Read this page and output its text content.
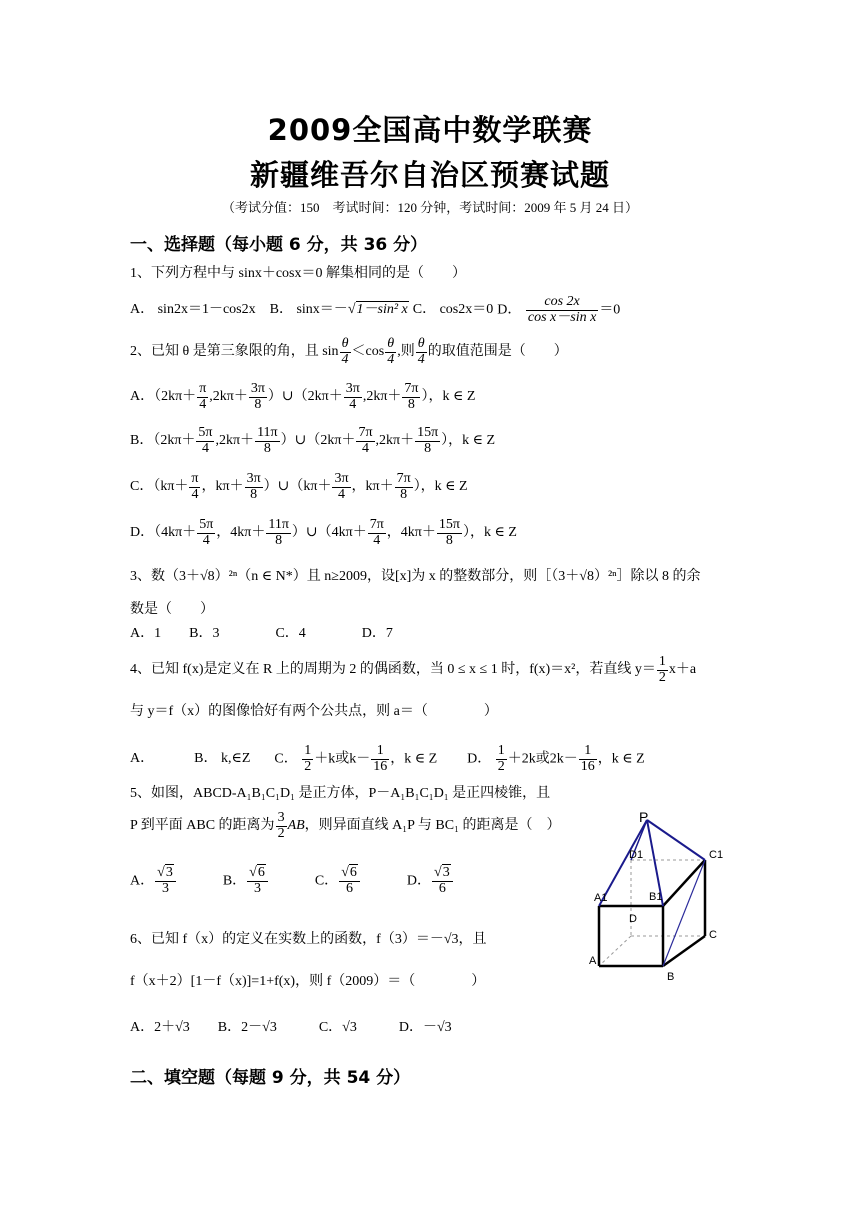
2009全国高中数学联赛
新疆维吾尔自治区预赛试题
（考试分值：150　考试时间：120 分钟，考试时间：2009 年 5 月 24 日）
一、选择题（每小题 6 分，共 36 分）
1、下列方程中与 sinx＋cosx＝0 解集相同的是（　　）
A． sin2x＝1－cos2x B． sinx＝－√1－sin² x C． cos2x＝0 D． $\frac{\cos 2x}{\text{cos x－sin x}} =0$
2、已知 θ 是第三象限的角，且 $\sin \frac{\theta}{4} <\cos \frac{\theta}{4}$ ,则 $\frac{\theta}{4}$ 的取值范围是（　　）
A．（$2k\pi+ \frac{\pi}{4} ,2k\pi+ \frac{3\pi}{8}$ ）∪（2kπ＋ $\frac{3\pi}{4} ,2k\pi+ \frac{7\pi}{8}$ ），k ∈ Z
B．（$2k\pi+ \frac{5\pi}{4} ,2k\pi+ \frac{11\pi}{8}$ ）∪（2kπ＋ $\frac{7\pi}{4} ,2k\pi+ \frac{15\pi}{8}$ ），k ∈ Z
C．（$k\pi+ \frac{\pi}{4}$ ，$k\pi+ \frac{3\pi}{8}$ ）∪（kπ＋ $\frac{3\pi}{4}$ ，$k\pi+ \frac{7\pi}{8}$ ），k ∈ Z
D．（$4k\pi+ \frac{5\pi}{4}$ ，$4k\pi+ \frac{11\pi}{8}$ ）∪（4kπ＋ $\frac{7\pi}{4}$ ，$4k\pi+ \frac{15\pi}{8}$ ），k ∈ Z
3、数（3＋√8）²ⁿ（n ∈ N*）且 n≥2009，设[x]为 x 的整数部分，则［（3＋√8）²ⁿ］除以 8 的余
数是（　　）
A．1　　B．3　　　　C．4　　　　D．7
4、已知 f(x)是定义在 R 上的周期为 2 的偶函数，当 0 ≤ x ≤ 1 时，f(x)＝x²，若直线 $y= \frac{1}{2} x+a$
与 y＝f（x）的图像恰好有两个公共点，则 a＝（　　　　）
A．	B． k,∈Z C． $\frac{1}{2} +k$或$k- \frac{1}{16}$ ，k ∈ Z D． $\frac{1}{2} +2k$或$2k- \frac{1}{16}$ ，k ∈ Z
5、如图，ABCD-A₁B₁C₁D₁ 是正方体，P－A₁B₁C₁D₁ 是正四棱锥，且
P 到平面 ABC 的距离为 $\frac{3}{2}$ AB ，则异面直线 A₁P 与 BC₁ 的距离是（　）
A． $\frac{√3}{3}$	B． $\frac{√6}{3}$	C． $\frac{√6}{6}$	D． $\frac{√3}{6}$
6、已知 f（x）的定义在实数上的函数，f（3）＝－√3，且
f（x＋2）[1－f（x)]=1+f(x)，则 f（2009）＝（　　　　）
A．2＋√3　　B．2－√3　　　C．√3　　　D．－√3
二、填空题（每题 9 分，共 54 分）
P
D1	C1
A1	B1
D
C
A
B
